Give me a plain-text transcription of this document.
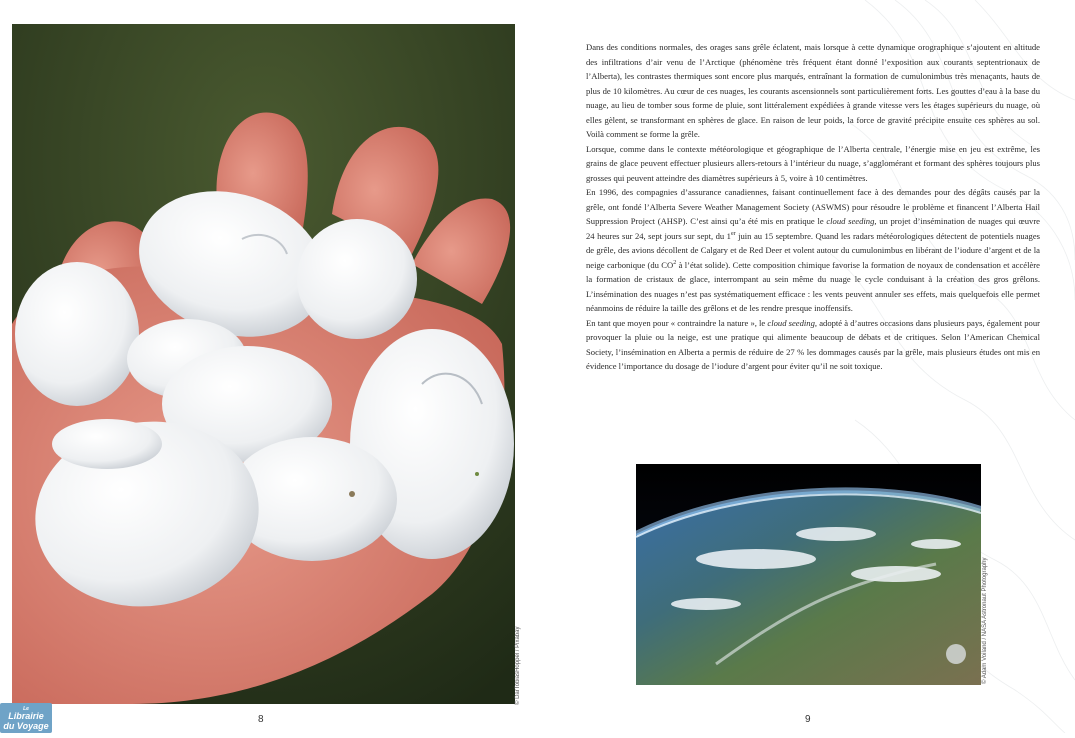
© DarTobiasHoppel / Pixabay
8
Le
Librairie
du Voyage

Dans des conditions normales, des orages sans grêle éclatent, mais lorsque à cette dynamique orographique s’ajoutent en altitude des infiltrations d’air venu de l’Arctique (phénomène très fréquent étant donné l’exposition aux courants septentrionaux de l’Alberta), les contrastes thermiques sont encore plus marqués, entraînant la formation de cumulonimbus très menaçants, hauts de plus de 10 kilomètres. Au cœur de ces nuages, les courants ascensionnels sont particulièrement forts. Les gouttes d’eau à la base du nuage, au lieu de tomber sous forme de pluie, sont littéralement expédiées à grande vitesse vers les étages supérieurs du nuage, où elles gèlent, se transformant en sphères de glace. En raison de leur poids, la force de gravité précipite ensuite ces sphères au sol. Voilà comment se forme la grêle.

Lorsque, comme dans le contexte météorologique et géographique de l’Alberta centrale, l’énergie mise en jeu est extrême, les grains de glace peuvent effectuer plusieurs allers-retours à l’intérieur du nuage, s’agglomérant et formant des sphères toujours plus grosses qui peuvent atteindre des diamètres supérieurs à 5, voire à 10 centimètres.

En 1996, des compagnies d’assurance canadiennes, faisant continuellement face à des demandes pour des dégâts causés par la grêle, ont fondé l’Alberta Severe Weather Management Society (ASWMS) pour résoudre le problème et financent l’Alberta Hail Suppression Project (AHSP). C’est ainsi qu’a été mis en pratique le cloud seeding, un projet d’insémination de nuages qui œuvre 24 heures sur 24, sept jours sur sept, du 1er juin au 15 septembre. Quand les radars météorologiques détectent de potentiels nuages de grêle, des avions décollent de Calgary et de Red Deer et volent autour du cumulonimbus en libérant de l’iodure d’argent et de la neige carbonique (du $CO^2$ à l’état solide). Cette composition chimique favorise la formation de noyaux de condensation et accélère la formation de cristaux de glace, interrompant au sein même du nuage le cycle conduisant à la création des gros grêlons. L’insémination des nuages n’est pas systématiquement efficace : les vents peuvent annuler ses effets, mais quelquefois elle permet néanmoins de réduire la taille des grêlons et de les rendre presque inoffensifs.

En tant que moyen pour « contraindre la nature », le cloud seeding, adopté à d’autres occasions dans plusieurs pays, également pour provoquer la pluie ou la neige, est une pratique qui alimente beaucoup de débats et de critiques. Selon l’American Chemical Society, l’insémination en Alberta a permis de réduire de 27 % les dommages causés par la grêle, mais plusieurs études ont mis en évidence l’importance du dosage de l’iodure d’argent pour éviter qu’il ne soit toxique.

© Adam Voiland / NASA Astronaut Photography
9
